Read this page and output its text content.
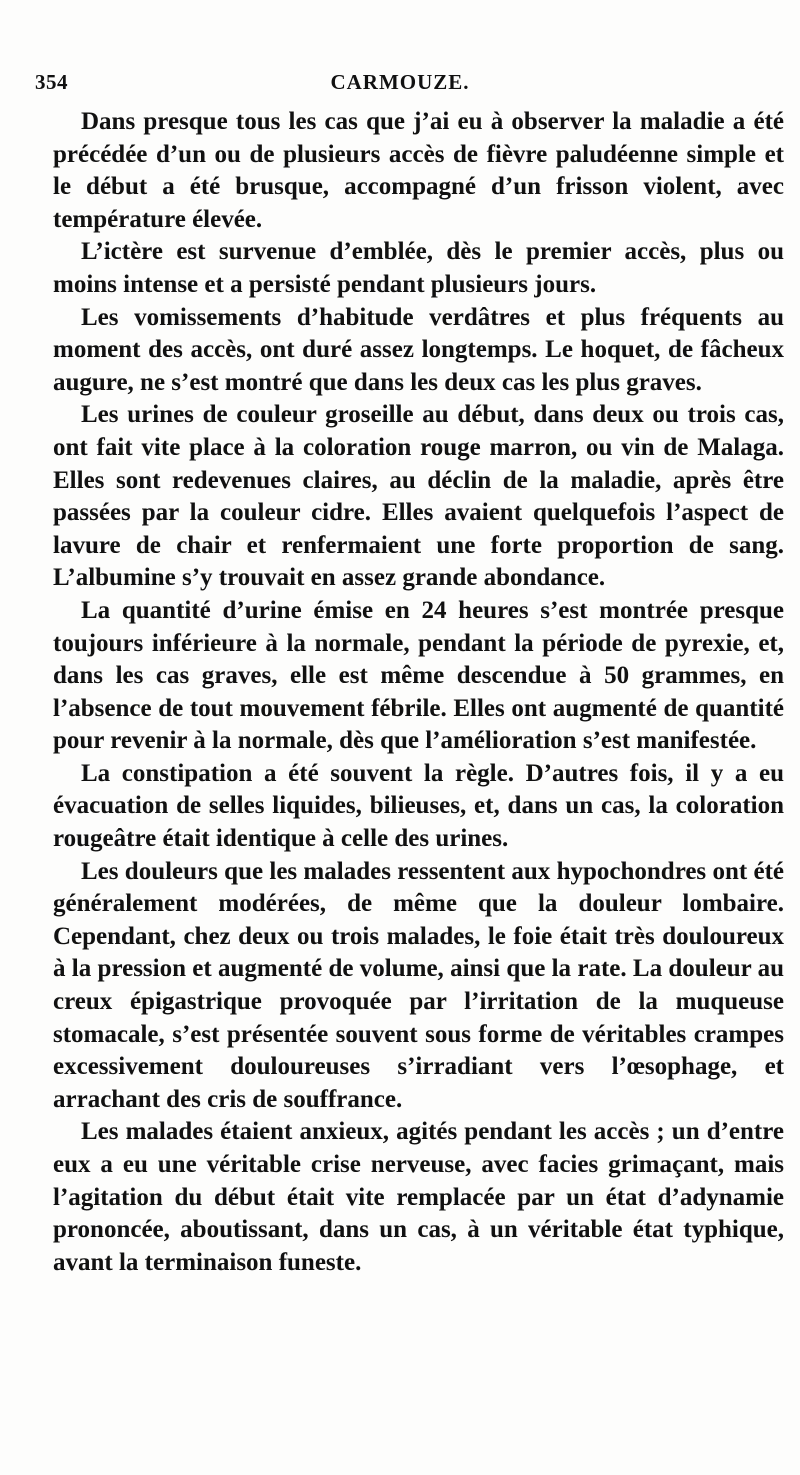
354	CARMOUZE.

Dans presque tous les cas que j’ai eu à observer la maladie a été précédée d’un ou de plusieurs accès de fièvre paludéenne simple et le début a été brusque, accompagné d’un frisson violent, avec température élevée.

L’ictère est survenue d’emblée, dès le premier accès, plus ou moins intense et a persisté pendant plusieurs jours.

Les vomissements d’habitude verdâtres et plus fréquents au moment des accès, ont duré assez longtemps. Le hoquet, de fâcheux augure, ne s’est montré que dans les deux cas les plus graves.

Les urines de couleur groseille au début, dans deux ou trois cas, ont fait vite place à la coloration rouge marron, ou vin de Malaga. Elles sont redevenues claires, au déclin de la maladie, après être passées par la couleur cidre. Elles avaient quelquefois l’aspect de lavure de chair et renfermaient une forte proportion de sang. L’albumine s’y trouvait en assez grande abondance.

La quantité d’urine émise en 24 heures s’est montrée presque toujours inférieure à la normale, pendant la période de pyrexie, et, dans les cas graves, elle est même descendue à 50 grammes, en l’absence de tout mouvement fébrile. Elles ont augmenté de quantité pour revenir à la normale, dès que l’amélioration s’est manifestée.

La constipation a été souvent la règle. D’autres fois, il y a eu évacuation de selles liquides, bilieuses, et, dans un cas, la coloration rougeâtre était identique à celle des urines.

Les douleurs que les malades ressentent aux hypochondres ont été généralement modérées, de même que la douleur lombaire. Cependant, chez deux ou trois malades, le foie était très douloureux à la pression et augmenté de volume, ainsi que la rate. La douleur au creux épigastrique provoquée par l’irritation de la muqueuse stomacale, s’est présentée souvent sous forme de véritables crampes excessivement douloureuses s’irradiant vers l’œsophage, et arrachant des cris de souffrance.

Les malades étaient anxieux, agités pendant les accès ; un d’entre eux a eu une véritable crise nerveuse, avec facies grimaçant, mais l’agitation du début était vite remplacée par un état d’adynamie prononcée, aboutissant, dans un cas, à un véritable état typhique, avant la terminaison funeste.
